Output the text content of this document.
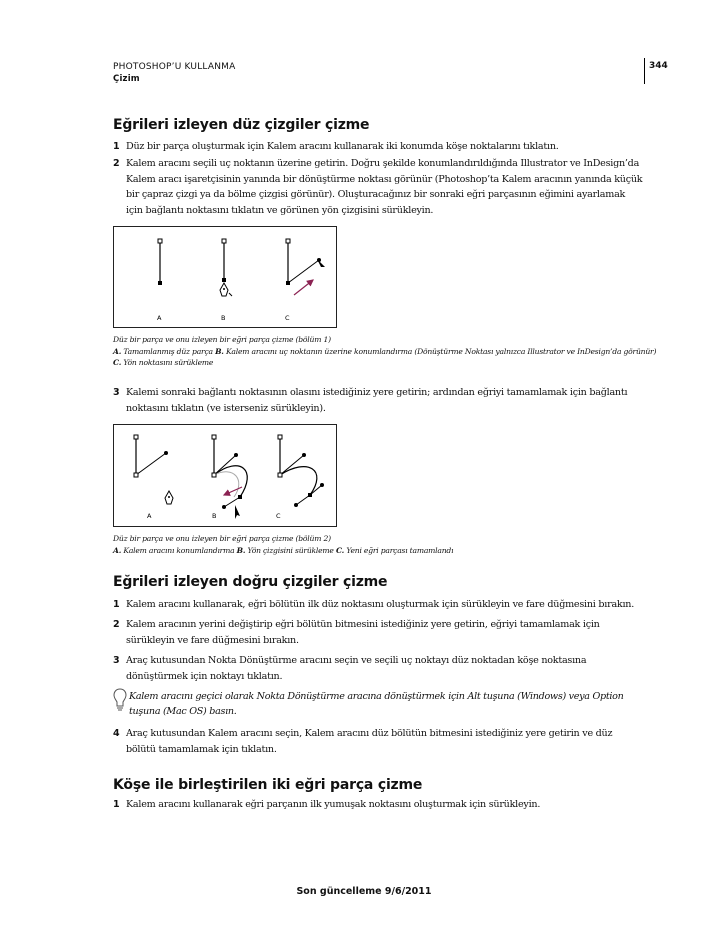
PHOTOSHOP’U KULLANMA
Çizim
344
Eğrileri izleyen düz çizgiler çizme
1 Düz bir parça oluşturmak için Kalem aracını kullanarak iki konumda köşe noktalarını tıklatın.
2 Kalem aracını seçili uç noktanın üzerine getirin. Doğru şekilde konumlandırıldığında Illustrator ve InDesign’da Kalem aracı işaretçisinin yanında bir dönüştürme noktası görünür (Photoshop’ta Kalem aracının yanında küçük bir çapraz çizgi ya da bölme çizgisi görünür). Oluşturacağınız bir sonraki eğri parçasının eğimini ayarlamak için bağlantı noktasını tıklatın ve görünen yön çizgisini sürükleyin.
A	B	C
Düz bir parça ve onu izleyen bir eğri parça çizme (bölüm 1)
A. Tamamlanmış düz parça B. Kalem aracını uç noktanın üzerine konumlandırma (Dönüştürme Noktası yalnızca Illustrator ve InDesign’da görünür) C. Yön noktasını sürükleme
3 Kalemi sonraki bağlantı noktasının olasını istediğiniz yere getirin; ardından eğriyi tamamlamak için bağlantı noktasını tıklatın (ve isterseniz sürükleyin).
A	B	C
Düz bir parça ve onu izleyen bir eğri parça çizme (bölüm 2)
A. Kalem aracını konumlandırma B. Yön çizgisini sürükleme C. Yeni eğri parçası tamamlandı
Eğrileri izleyen doğru çizgiler çizme
1 Kalem aracını kullanarak, eğri bölütün ilk düz noktasını oluşturmak için sürükleyin ve fare düğmesini bırakın.
2 Kalem aracının yerini değiştirip eğri bölütün bitmesini istediğiniz yere getirin, eğriyi tamamlamak için sürükleyin ve fare düğmesini bırakın.
3 Araç kutusundan Nokta Dönüştürme aracını seçin ve seçili uç noktayı düz noktadan köşe noktasına dönüştürmek için noktayı tıklatın.
Kalem aracını geçici olarak Nokta Dönüştürme aracına dönüştürmek için Alt tuşuna (Windows) veya Option tuşuna (Mac OS) basın.
4 Araç kutusundan Kalem aracını seçin, Kalem aracını düz bölütün bitmesini istediğiniz yere getirin ve düz bölütü tamamlamak için tıklatın.
Köşe ile birleştirilen iki eğri parça çizme
1 Kalem aracını kullanarak eğri parçanın ilk yumuşak noktasını oluşturmak için sürükleyin.
Son güncelleme 9/6/2011
